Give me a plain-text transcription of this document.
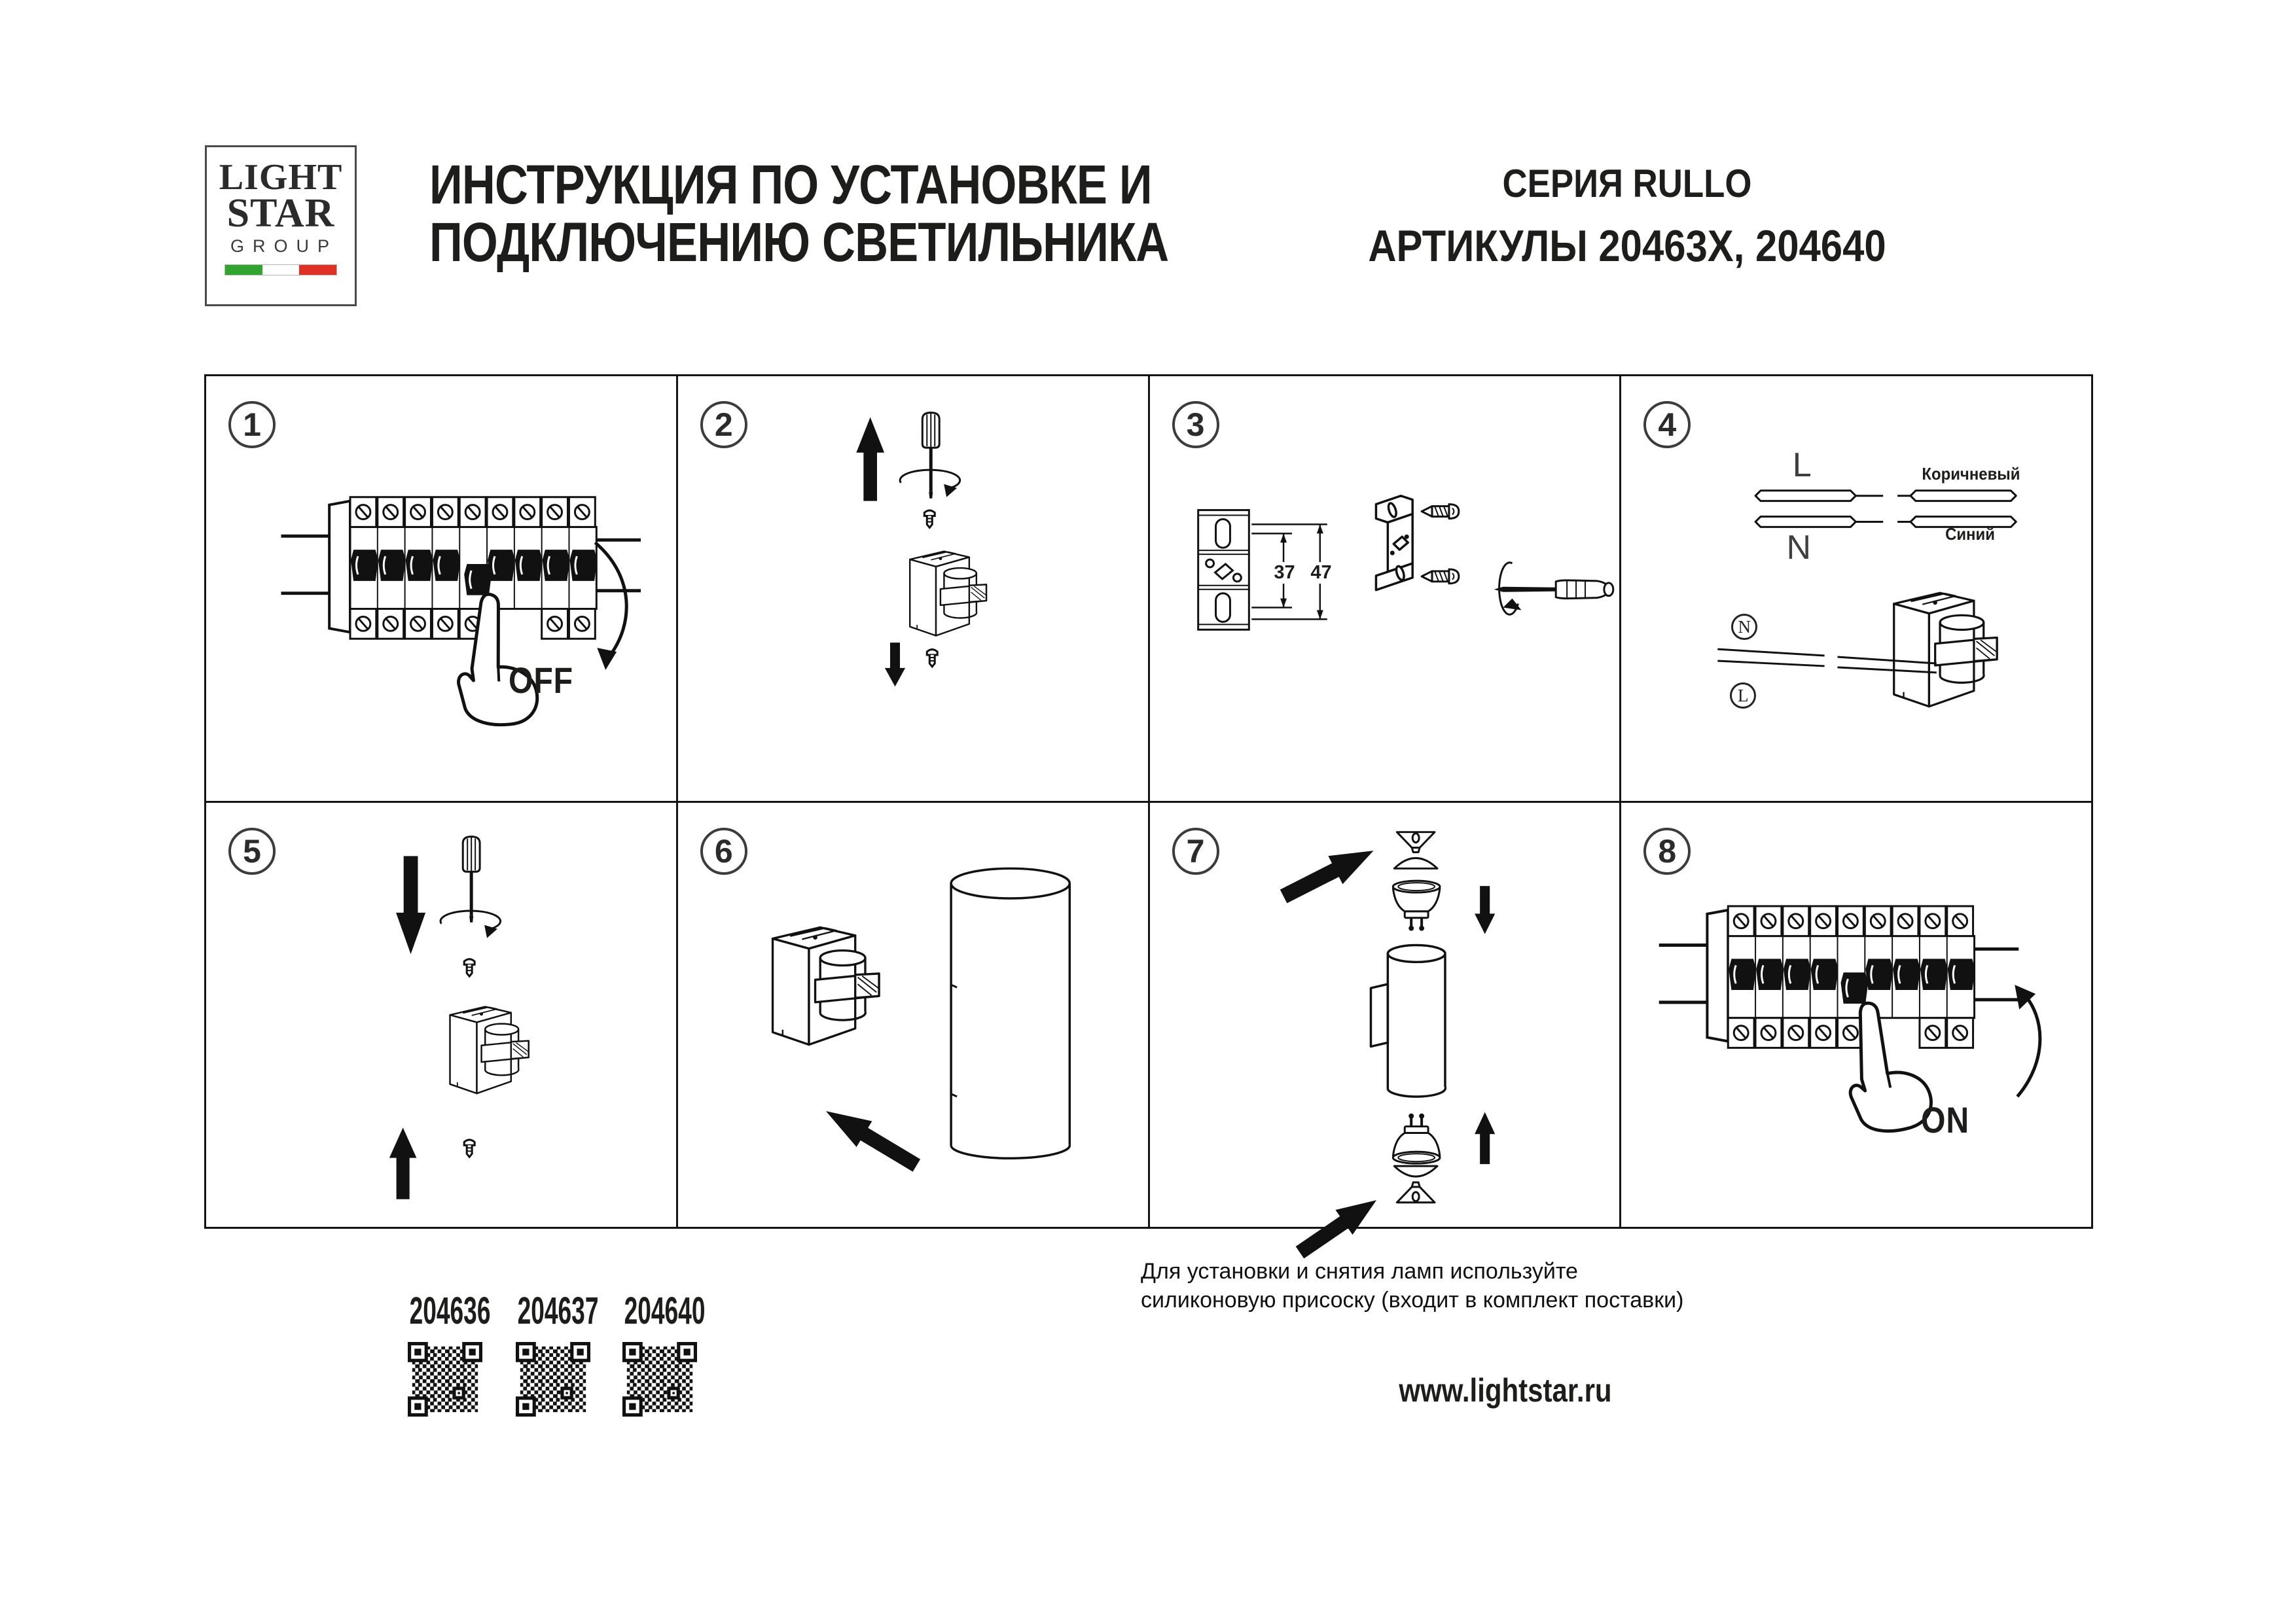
LIGHT
STAR
GROUP
ИНСТРУКЦИЯ ПО УСТАНОВКЕ И
ПОДКЛЮЧЕНИЮ СВЕТИЛЬНИКА
СЕРИЯ RULLO
АРТИКУЛЫ 20463X, 204640
1
OFF
2	3
37 47
4
L
N
Коричневый
Синий
N
L
5	6	7	8
ON
Для установки и снятия ламп используйте
силиконовую присоску (входит в комплект поставки)
204636 204637 204640
www.lightstar.ru
